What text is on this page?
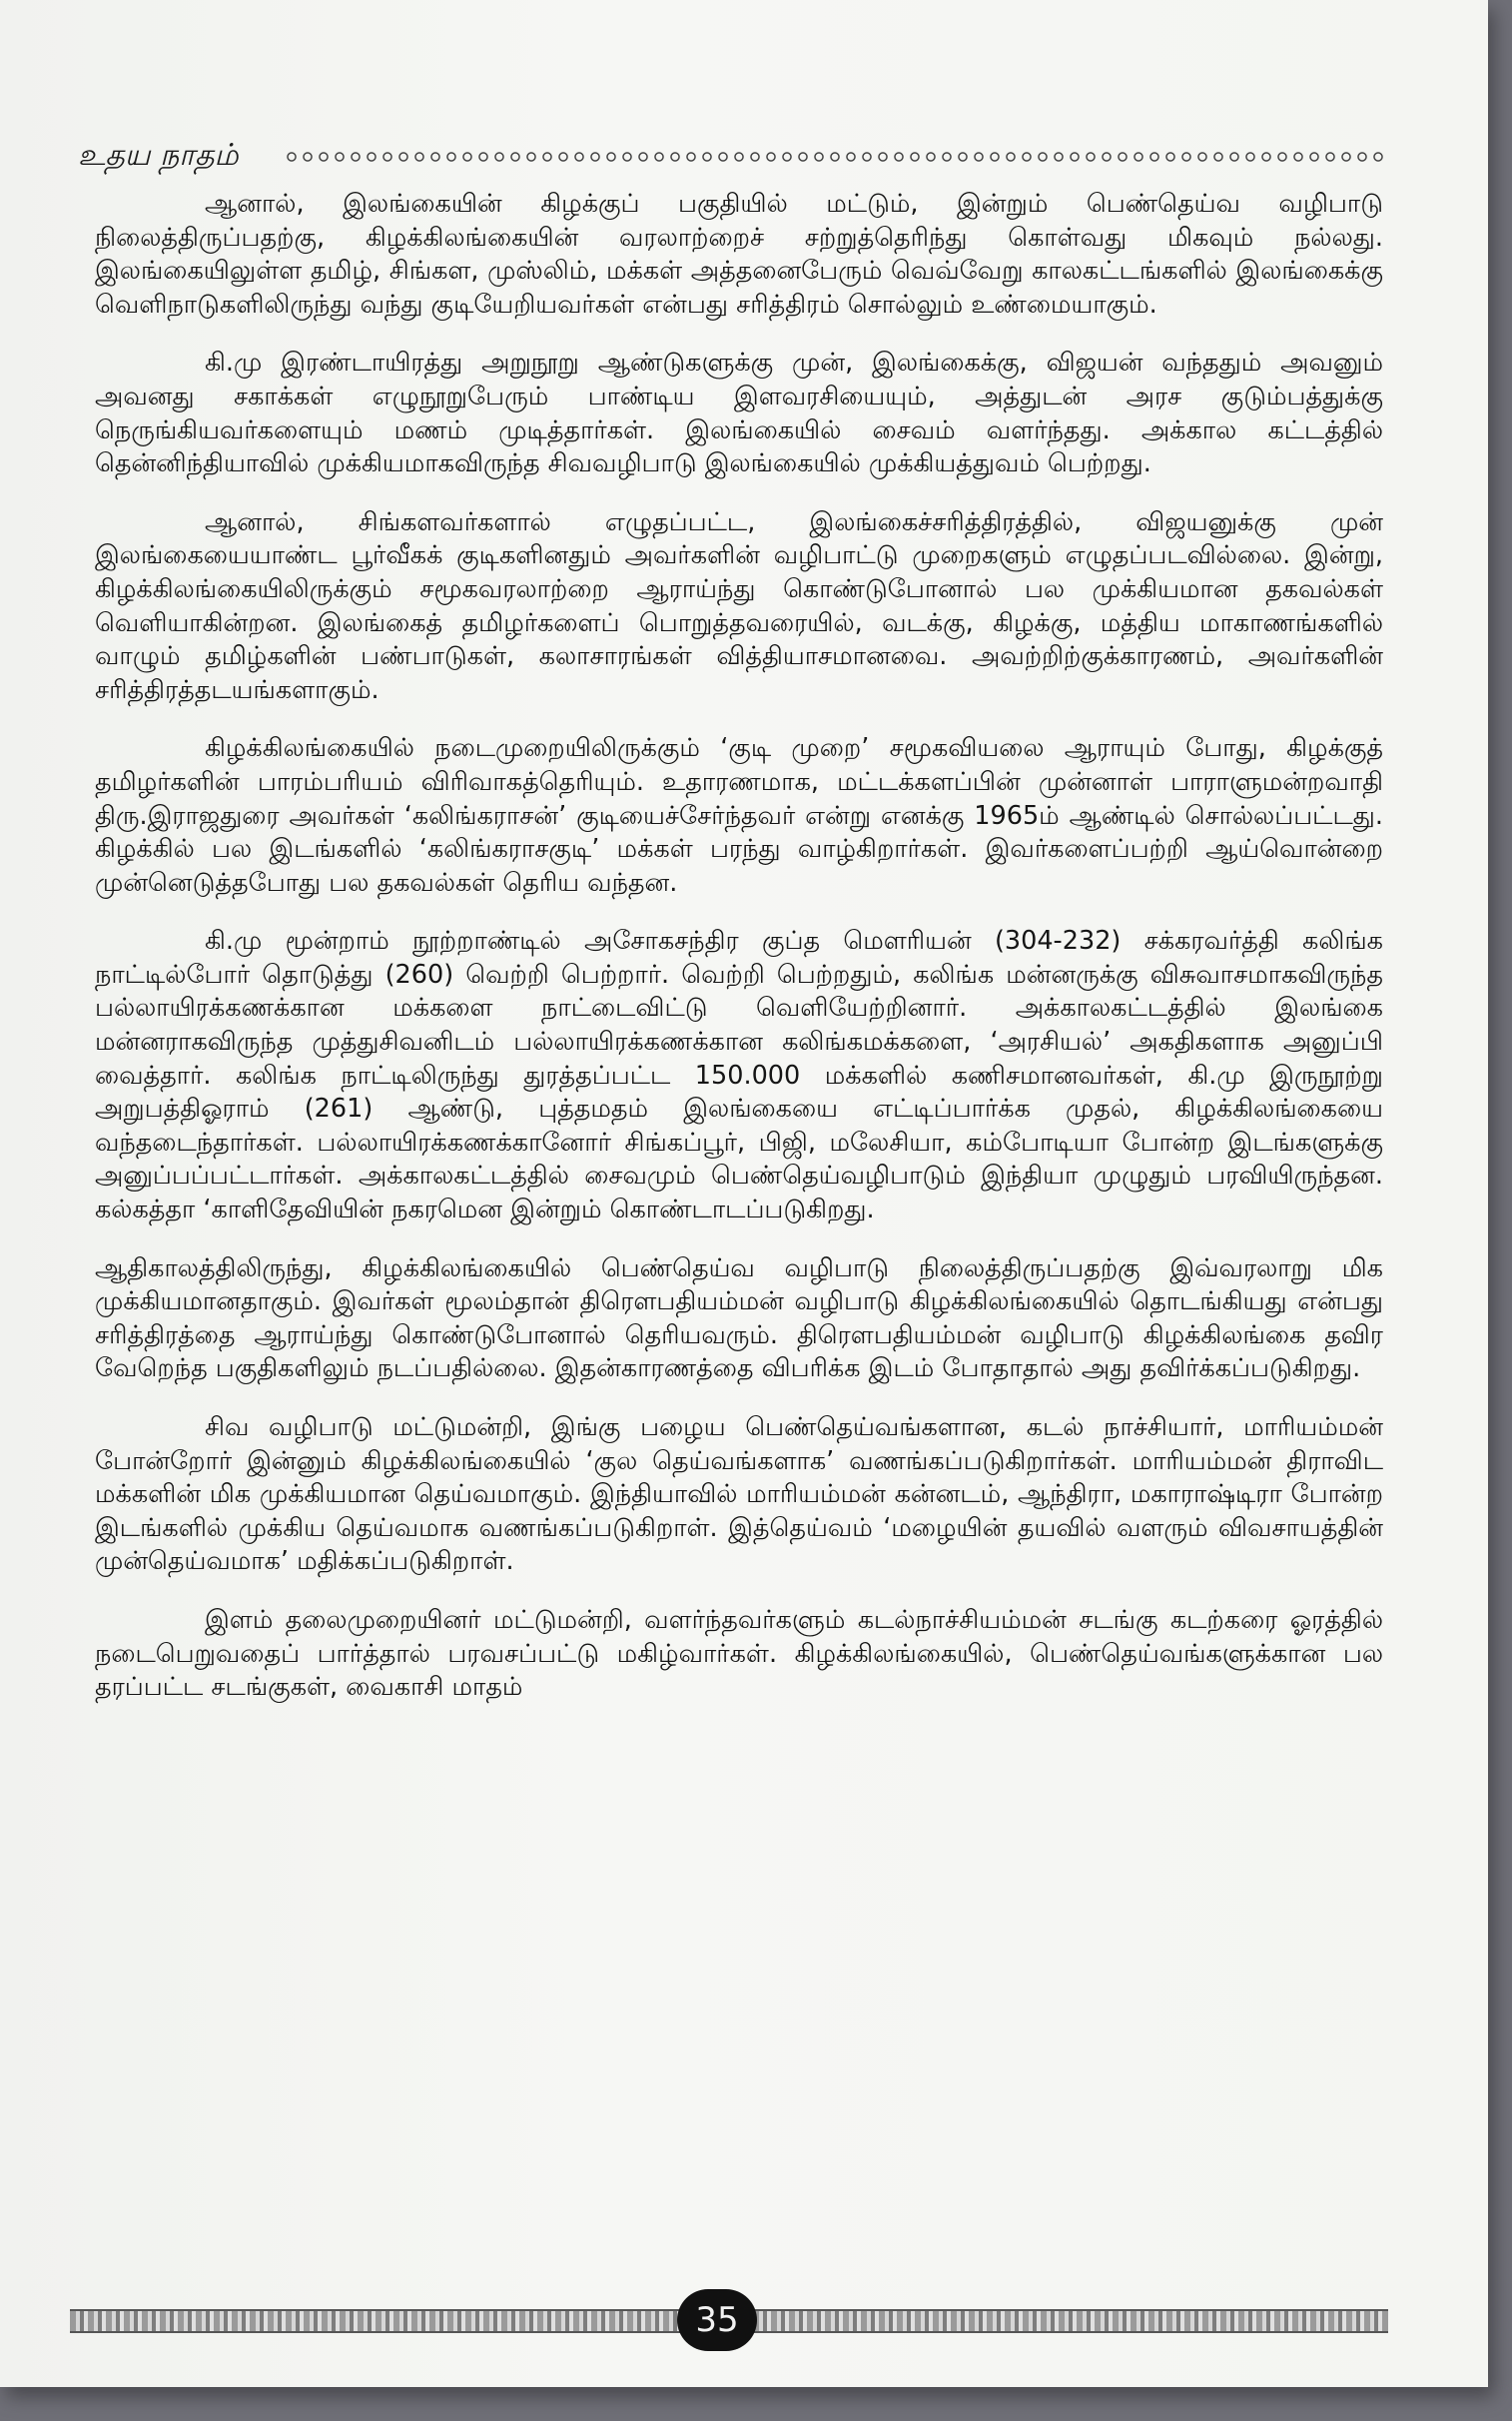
உதய நாதம்

ஆனால், இலங்கையின் கிழக்குப் பகுதியில் மட்டும், இன்றும் பெண்தெய்வ வழிபாடு நிலைத்திருப்பதற்கு, கிழக்கிலங்கையின் வரலாற்றைச் சற்றுத்தெரிந்து கொள்வது மிகவும் நல்லது. இலங்கையிலுள்ள தமிழ், சிங்கள, முஸ்லிம், மக்கள் அத்தனைபேரும் வெவ்வேறு காலகட்டங்களில் இலங்கைக்கு வெளிநாடுகளிலிருந்து வந்து குடியேறியவர்கள் என்பது சரித்திரம் சொல்லும் உண்மையாகும்.

கி.மு இரண்டாயிரத்து அறுநூறு ஆண்டுகளுக்கு முன், இலங்கைக்கு, விஜயன் வந்ததும் அவனும் அவனது சகாக்கள் எழுநூறுபேரும் பாண்டிய இளவரசியையும், அத்துடன் அரச குடும்பத்துக்கு நெருங்கியவர்களையும் மணம் முடித்தார்கள். இலங்கையில் சைவம் வளர்ந்தது. அக்கால கட்டத்தில் தென்னிந்தியாவில் முக்கியமாகவிருந்த சிவவழிபாடு இலங்கையில் முக்கியத்துவம் பெற்றது.

ஆனால், சிங்களவர்களால் எழுதப்பட்ட, இலங்கைச்சரித்திரத்தில், விஜயனுக்கு முன் இலங்கையையாண்ட பூர்வீகக் குடிகளினதும் அவர்களின் வழிபாட்டு முறைகளும் எழுதப்படவில்லை. இன்று, கிழக்கிலங்கையிலிருக்கும் சமூகவரலாற்றை ஆராய்ந்து கொண்டுபோனால் பல முக்கியமான தகவல்கள் வெளியாகின்றன. இலங்கைத் தமிழர்களைப் பொறுத்தவரையில், வடக்கு, கிழக்கு, மத்திய மாகாணங்களில் வாழும் தமிழ்களின் பண்பாடுகள், கலாசாரங்கள் வித்தியாசமானவை. அவற்றிற்குக்காரணம், அவர்களின் சரித்திரத்தடயங்களாகும்.

கிழக்கிலங்கையில் நடைமுறையிலிருக்கும் ‘குடி முறை’ சமூகவியலை ஆராயும் போது, கிழக்குத் தமிழர்களின் பாரம்பரியம் விரிவாகத்தெரியும். உதாரணமாக, மட்டக்களப்பின் முன்னாள் பாராளுமன்றவாதி திரு.இராஜதுரை அவர்கள் ‘கலிங்கராசன்’ குடியைச்சேர்ந்தவர் என்று எனக்கு 1965ம் ஆண்டில் சொல்லப்பட்டது. கிழக்கில் பல இடங்களில் ‘கலிங்கராசகுடி’ மக்கள் பரந்து வாழ்கிறார்கள். இவர்களைப்பற்றி ஆய்வொன்றை முன்னெடுத்தபோது பல தகவல்கள் தெரிய வந்தன.

கி.மு மூன்றாம் நூற்றாண்டில் அசோகசந்திர குப்த மௌரியன் (304-232) சக்கரவர்த்தி கலிங்க நாட்டில்போர் தொடுத்து (260) வெற்றி பெற்றார். வெற்றி பெற்றதும், கலிங்க மன்னருக்கு விசுவாசமாகவிருந்த பல்லாயிரக்கணக்கான மக்களை நாட்டைவிட்டு வெளியேற்றினார். அக்காலகட்டத்தில் இலங்கை மன்னராகவிருந்த முத்துசிவனிடம் பல்லாயிரக்கணக்கான கலிங்கமக்களை, ‘அரசியல்’ அகதிகளாக அனுப்பி வைத்தார். கலிங்க நாட்டிலிருந்து துரத்தப்பட்ட 150.000 மக்களில் கணிசமானவர்கள், கி.மு இருநூற்று அறுபத்திஓராம் (261) ஆண்டு, புத்தமதம் இலங்கையை எட்டிப்பார்க்க முதல், கிழக்கிலங்கையை வந்தடைந்தார்கள். பல்லாயிரக்கணக்கானோர் சிங்கப்பூர், பிஜி, மலேசியா, கம்போடியா போன்ற இடங்களுக்கு அனுப்பப்பட்டார்கள். அக்காலகட்டத்தில் சைவமும் பெண்தெய்வழிபாடும் இந்தியா முழுதும் பரவியிருந்தன. கல்கத்தா ‘காளிதேவியின் நகரமென இன்றும் கொண்டாடப்படுகிறது.

ஆதிகாலத்திலிருந்து, கிழக்கிலங்கையில் பெண்தெய்வ வழிபாடு நிலைத்திருப்பதற்கு இவ்வரலாறு மிக முக்கியமானதாகும். இவர்கள் மூலம்தான் திரௌபதியம்மன் வழிபாடு கிழக்கிலங்கையில் தொடங்கியது என்பது சரித்திரத்தை ஆராய்ந்து கொண்டுபோனால் தெரியவரும். திரௌபதியம்மன் வழிபாடு கிழக்கிலங்கை தவிர வேறெந்த பகுதிகளிலும் நடப்பதில்லை. இதன்காரணத்தை விபரிக்க இடம் போதாதால் அது தவிர்க்கப்படுகிறது.

சிவ வழிபாடு மட்டுமன்றி, இங்கு பழைய பெண்தெய்வங்களான, கடல் நாச்சியார், மாரியம்மன் போன்றோர் இன்னும் கிழக்கிலங்கையில் ‘குல தெய்வங்களாக’ வணங்கப்படுகிறார்கள். மாரியம்மன் திராவிட மக்களின் மிக முக்கியமான தெய்வமாகும். இந்தியாவில் மாரியம்மன் கன்னடம், ஆந்திரா, மகாராஷ்டிரா போன்ற இடங்களில் முக்கிய தெய்வமாக வணங்கப்படுகிறாள். இத்தெய்வம் ‘மழையின் தயவில் வளரும் விவசாயத்தின் முன்தெய்வமாக’ மதிக்கப்படுகிறாள்.

இளம் தலைமுறையினர் மட்டுமன்றி, வளர்ந்தவர்களும் கடல்நாச்சியம்மன் சடங்கு கடற்கரை ஓரத்தில் நடைபெறுவதைப் பார்த்தால் பரவசப்பட்டு மகிழ்வார்கள். கிழக்கிலங்கையில், பெண்தெய்வங்களுக்கான பல தரப்பட்ட சடங்குகள், வைகாசி மாதம்

35
